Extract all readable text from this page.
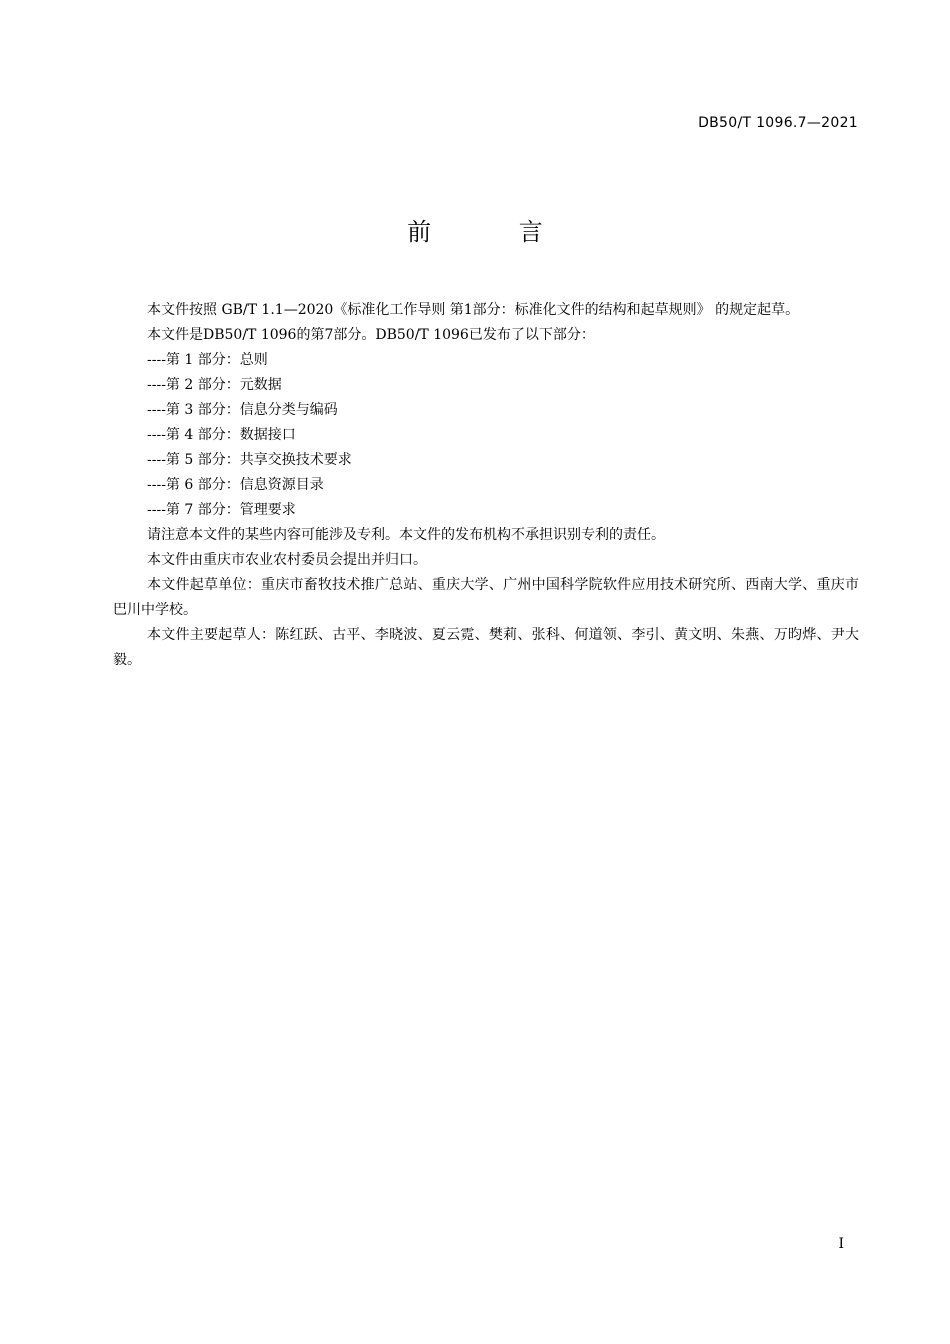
DB50/T 1096.7—2021
前 言

本文件按照 GB/T 1.1—2020《标准化工作导则 第1部分：标准化文件的结构和起草规则》 的规定起草。

本文件是DB50/T 1096的第7部分。DB50/T 1096已发布了以下部分：

----第 1 部分：总则

----第 2 部分：元数据

----第 3 部分：信息分类与编码

----第 4 部分：数据接口

----第 5 部分：共享交换技术要求

----第 6 部分：信息资源目录

----第 7 部分：管理要求

请注意本文件的某些内容可能涉及专利。本文件的发布机构不承担识别专利的责任。

本文件由重庆市农业农村委员会提出并归口。

本文件起草单位：重庆市畜牧技术推广总站、重庆大学、广州中国科学院软件应用技术研究所、西南大学、重庆市巴川中学校。

本文件主要起草人：陈红跃、古平、李晓波、夏云霓、樊莉、张科、何道领、李引、黄文明、朱燕、万昀烨、尹大毅。

I
